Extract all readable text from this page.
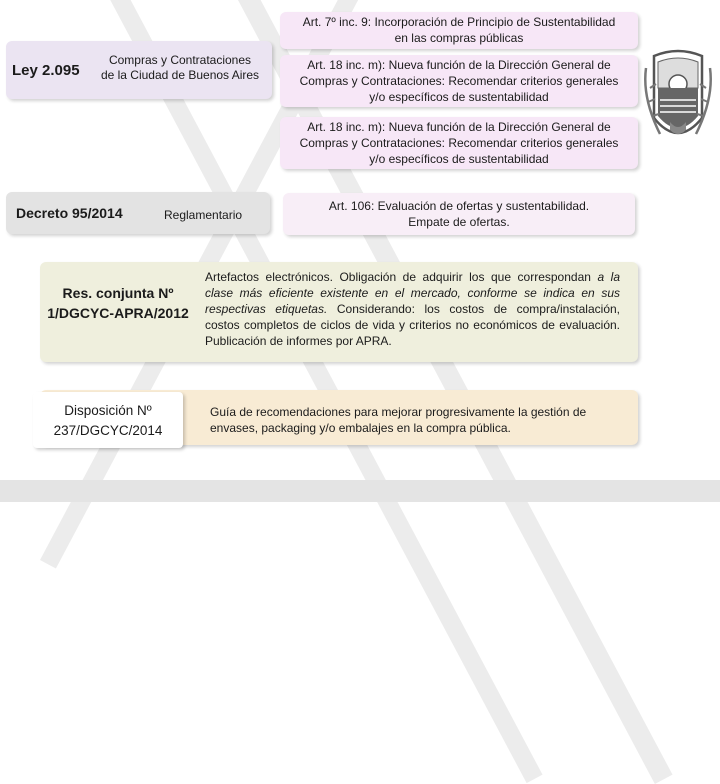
Ley 2.095
Compras y Contrataciones
de la Ciudad de Buenos Aires
Art. 7º inc. 9: Incorporación de Principio de Sustentabilidad
en las compras públicas
Art. 18 inc. m): Nueva función de la Dirección General de
Compras y Contrataciones: Recomendar criterios generales
y/o específicos de sustentabilidad
Art. 18 inc. m): Nueva función de la Dirección General de
Compras y Contrataciones: Recomendar criterios generales
y/o específicos de sustentabilidad
Decreto 95/2014	Reglamentario
Art. 106: Evaluación de ofertas y sustentabilidad.
Empate de ofertas.
Res. conjunta Nº
1/DGCYC-APRA/2012
Artefactos electrónicos. Obligación de adquirir los que correspondan a la clase más eficiente existente en el mercado, conforme se indica en sus respectivas etiquetas. Considerando: los costos de compra/instalación, costos completos de ciclos de vida y criterios no económicos de evaluación. Publicación de informes por APRA.
Disposición Nº
237/DGCYC/2014
Guía de recomendaciones para mejorar progresivamente la gestión de envases, packaging y/o embalajes en la compra pública.
